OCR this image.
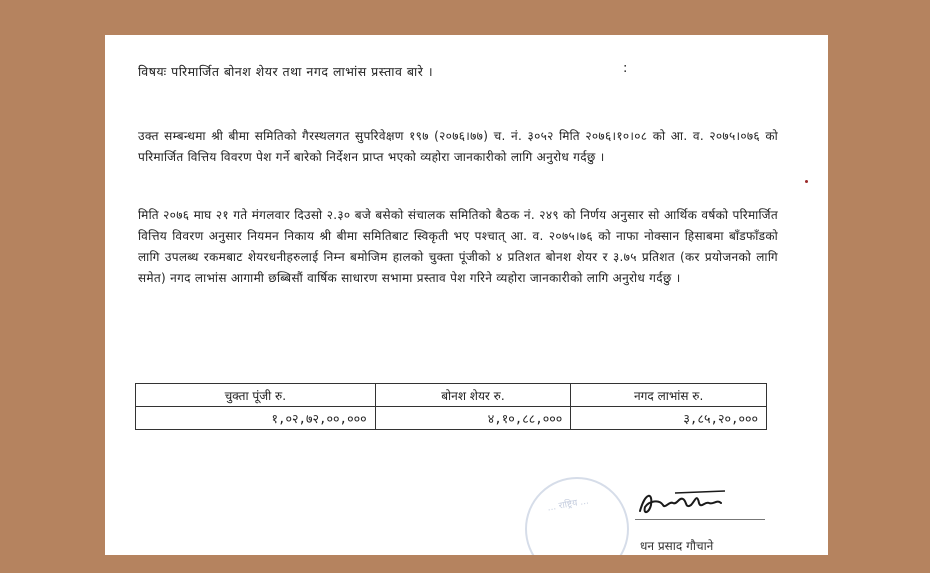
विषयः परिमार्जित बोनश शेयर तथा नगद लाभांस प्रस्ताव बारे ।	:
उक्त सम्बन्धमा श्री बीमा समितिको गैरस्थलगत सुपरिवेक्षण १९७ (२०७६।७७) च. नं. ३०५२ मिति २०७६।१०।०८ को आ. व. २०७५।०७६ को परिमार्जित वित्तिय विवरण पेश गर्ने बारेको निर्देशन प्राप्त भएको व्यहोरा जानकारीको लागि अनुरोध गर्दछु ।
मिति २०७६ माघ २१ गते मंगलवार दिउसो २.३० बजे बसेको संचालक समितिको बैठक नं. २४९ को निर्णय अनुसार सो आर्थिक वर्षको परिमार्जित वित्तिय विवरण अनुसार नियमन निकाय श्री बीमा समितिबाट स्विकृती भए पश्चात् आ. व. २०७५।७६ को नाफा नोक्सान हिसाबमा बाँडफाँडको लागि उपलब्ध रकमबाट शेयरधनीहरुलाई निम्न बमोजिम हालको चुक्ता पूंजीको ४ प्रतिशत बोनश शेयर र ३.७५ प्रतिशत (कर प्रयोजनको लागि समेत) नगद लाभांस आगामी छब्बिसौं वार्षिक साधारण सभामा प्रस्ताव पेश गरिने व्यहोरा जानकारीको लागि अनुरोध गर्दछु ।
चुक्ता पूंजी रु.	बोनश शेयर रु.	नगद लाभांस रु.
१,०२,७२,००,०००	४,१०,८८,०००	३,८५,२०,०००
... राष्ट्रिय ...
धन प्रसाद गौचाने
